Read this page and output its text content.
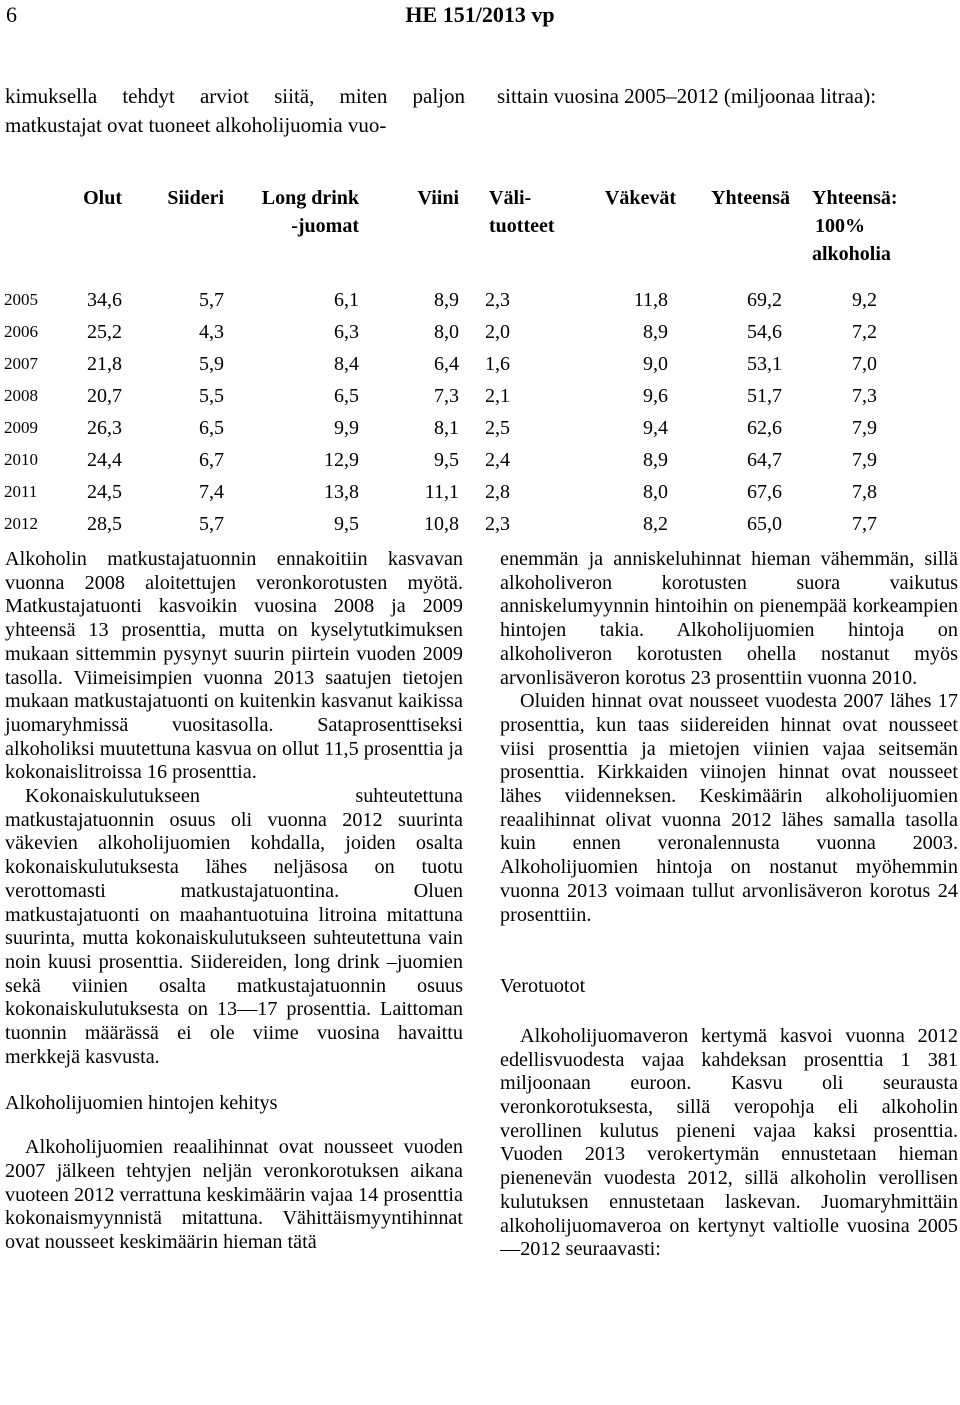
6	HE 151/2013 vp
kimuksella tehdyt arviot siitä, miten paljon
matkustajat ovat tuoneet alkoholijuomia vuo-
sittain vuosina 2005–2012 (miljoonaa litraa):
	Olut	Siideri	Long drink
-juomat	Viini	Väli-
tuotteet	Väkevät	Yhteensä	Yhteensä:
100%
alkoholia
2005	34,6	5,7	6,1	8,9	2,3	11,8	69,2	9,2
2006	25,2	4,3	6,3	8,0	2,0	8,9	54,6	7,2
2007	21,8	5,9	8,4	6,4	1,6	9,0	53,1	7,0
2008	20,7	5,5	6,5	7,3	2,1	9,6	51,7	7,3
2009	26,3	6,5	9,9	8,1	2,5	9,4	62,6	7,9
2010	24,4	6,7	12,9	9,5	2,4	8,9	64,7	7,9
2011	24,5	7,4	13,8	11,1	2,8	8,0	67,6	7,8
2012	28,5	5,7	9,5	10,8	2,3	8,2	65,0	7,7

Alkoholin matkustajatuonnin ennakoitiin kasvavan vuonna 2008 aloitettujen veronkorotusten myötä. Matkustajatuonti kasvoikin vuosina 2008 ja 2009 yhteensä 13 prosenttia, mutta on kyselytutkimuksen mukaan sittemmin pysynyt suurin piirtein vuoden 2009 tasolla. Viimeisimpien vuonna 2013 saatujen tietojen mukaan matkustajatuonti on kuitenkin kasvanut kaikissa juomaryhmissä vuositasolla. Sataprosenttiseksi alkoholiksi muutettuna kasvua on ollut 11,5 prosenttia ja kokonaislitroissa 16 prosenttia.

Kokonaiskulutukseen suhteutettuna matkustajatuonnin osuus oli vuonna 2012 suurinta väkevien alkoholijuomien kohdalla, joiden osalta kokonaiskulutuksesta lähes neljäsosa on tuotu verottomasti matkustajatuontina. Oluen matkustajatuonti on maahantuotuina litroina mitattuna suurinta, mutta kokonaiskulutukseen suhteutettuna vain noin kuusi prosenttia. Siidereiden, long drink –juomien sekä viinien osalta matkustajatuonnin osuus kokonaiskulutuksesta on 13—17 prosenttia. Laittoman tuonnin määrässä ei ole viime vuosina havaittu merkkejä kasvusta.

Alkoholijuomien hintojen kehitys

Alkoholijuomien reaalihinnat ovat nousseet vuoden 2007 jälkeen tehtyjen neljän veronkorotuksen aikana vuoteen 2012 verrattuna keskimäärin vajaa 14 prosenttia kokonaismyynnistä mitattuna. Vähittäismyyntihinnat ovat nousseet keskimäärin hieman tätä

enemmän ja anniskeluhinnat hieman vähemmän, sillä alkoholiveron korotusten suora vaikutus anniskelumyynnin hintoihin on pienempää korkeampien hintojen takia. Alkoholijuomien hintoja on alkoholiveron korotusten ohella nostanut myös arvonlisäveron korotus 23 prosenttiin vuonna 2010.

Oluiden hinnat ovat nousseet vuodesta 2007 lähes 17 prosenttia, kun taas siidereiden hinnat ovat nousseet viisi prosenttia ja mietojen viinien vajaa seitsemän prosenttia. Kirkkaiden viinojen hinnat ovat nousseet lähes viidenneksen. Keskimäärin alkoholijuomien reaalihinnat olivat vuonna 2012 lähes samalla tasolla kuin ennen veronalennusta vuonna 2003. Alkoholijuomien hintoja on nostanut myöhemmin vuonna 2013 voimaan tullut arvonlisäveron korotus 24 prosenttiin.

Verotuotot

Alkoholijuomaveron kertymä kasvoi vuonna 2012 edellisvuodesta vajaa kahdeksan prosenttia 1 381 miljoonaan euroon. Kasvu oli seurausta veronkorotuksesta, sillä veropohja eli alkoholin verollinen kulutus pieneni vajaa kaksi prosenttia. Vuoden 2013 verokertymän ennustetaan hieman pienenevän vuodesta 2012, sillä alkoholin verollisen kulutuksen ennustetaan laskevan. Juomaryhmittäin alkoholijuomaveroa on kertynyt valtiolle vuosina 2005—2012 seuraavasti:
